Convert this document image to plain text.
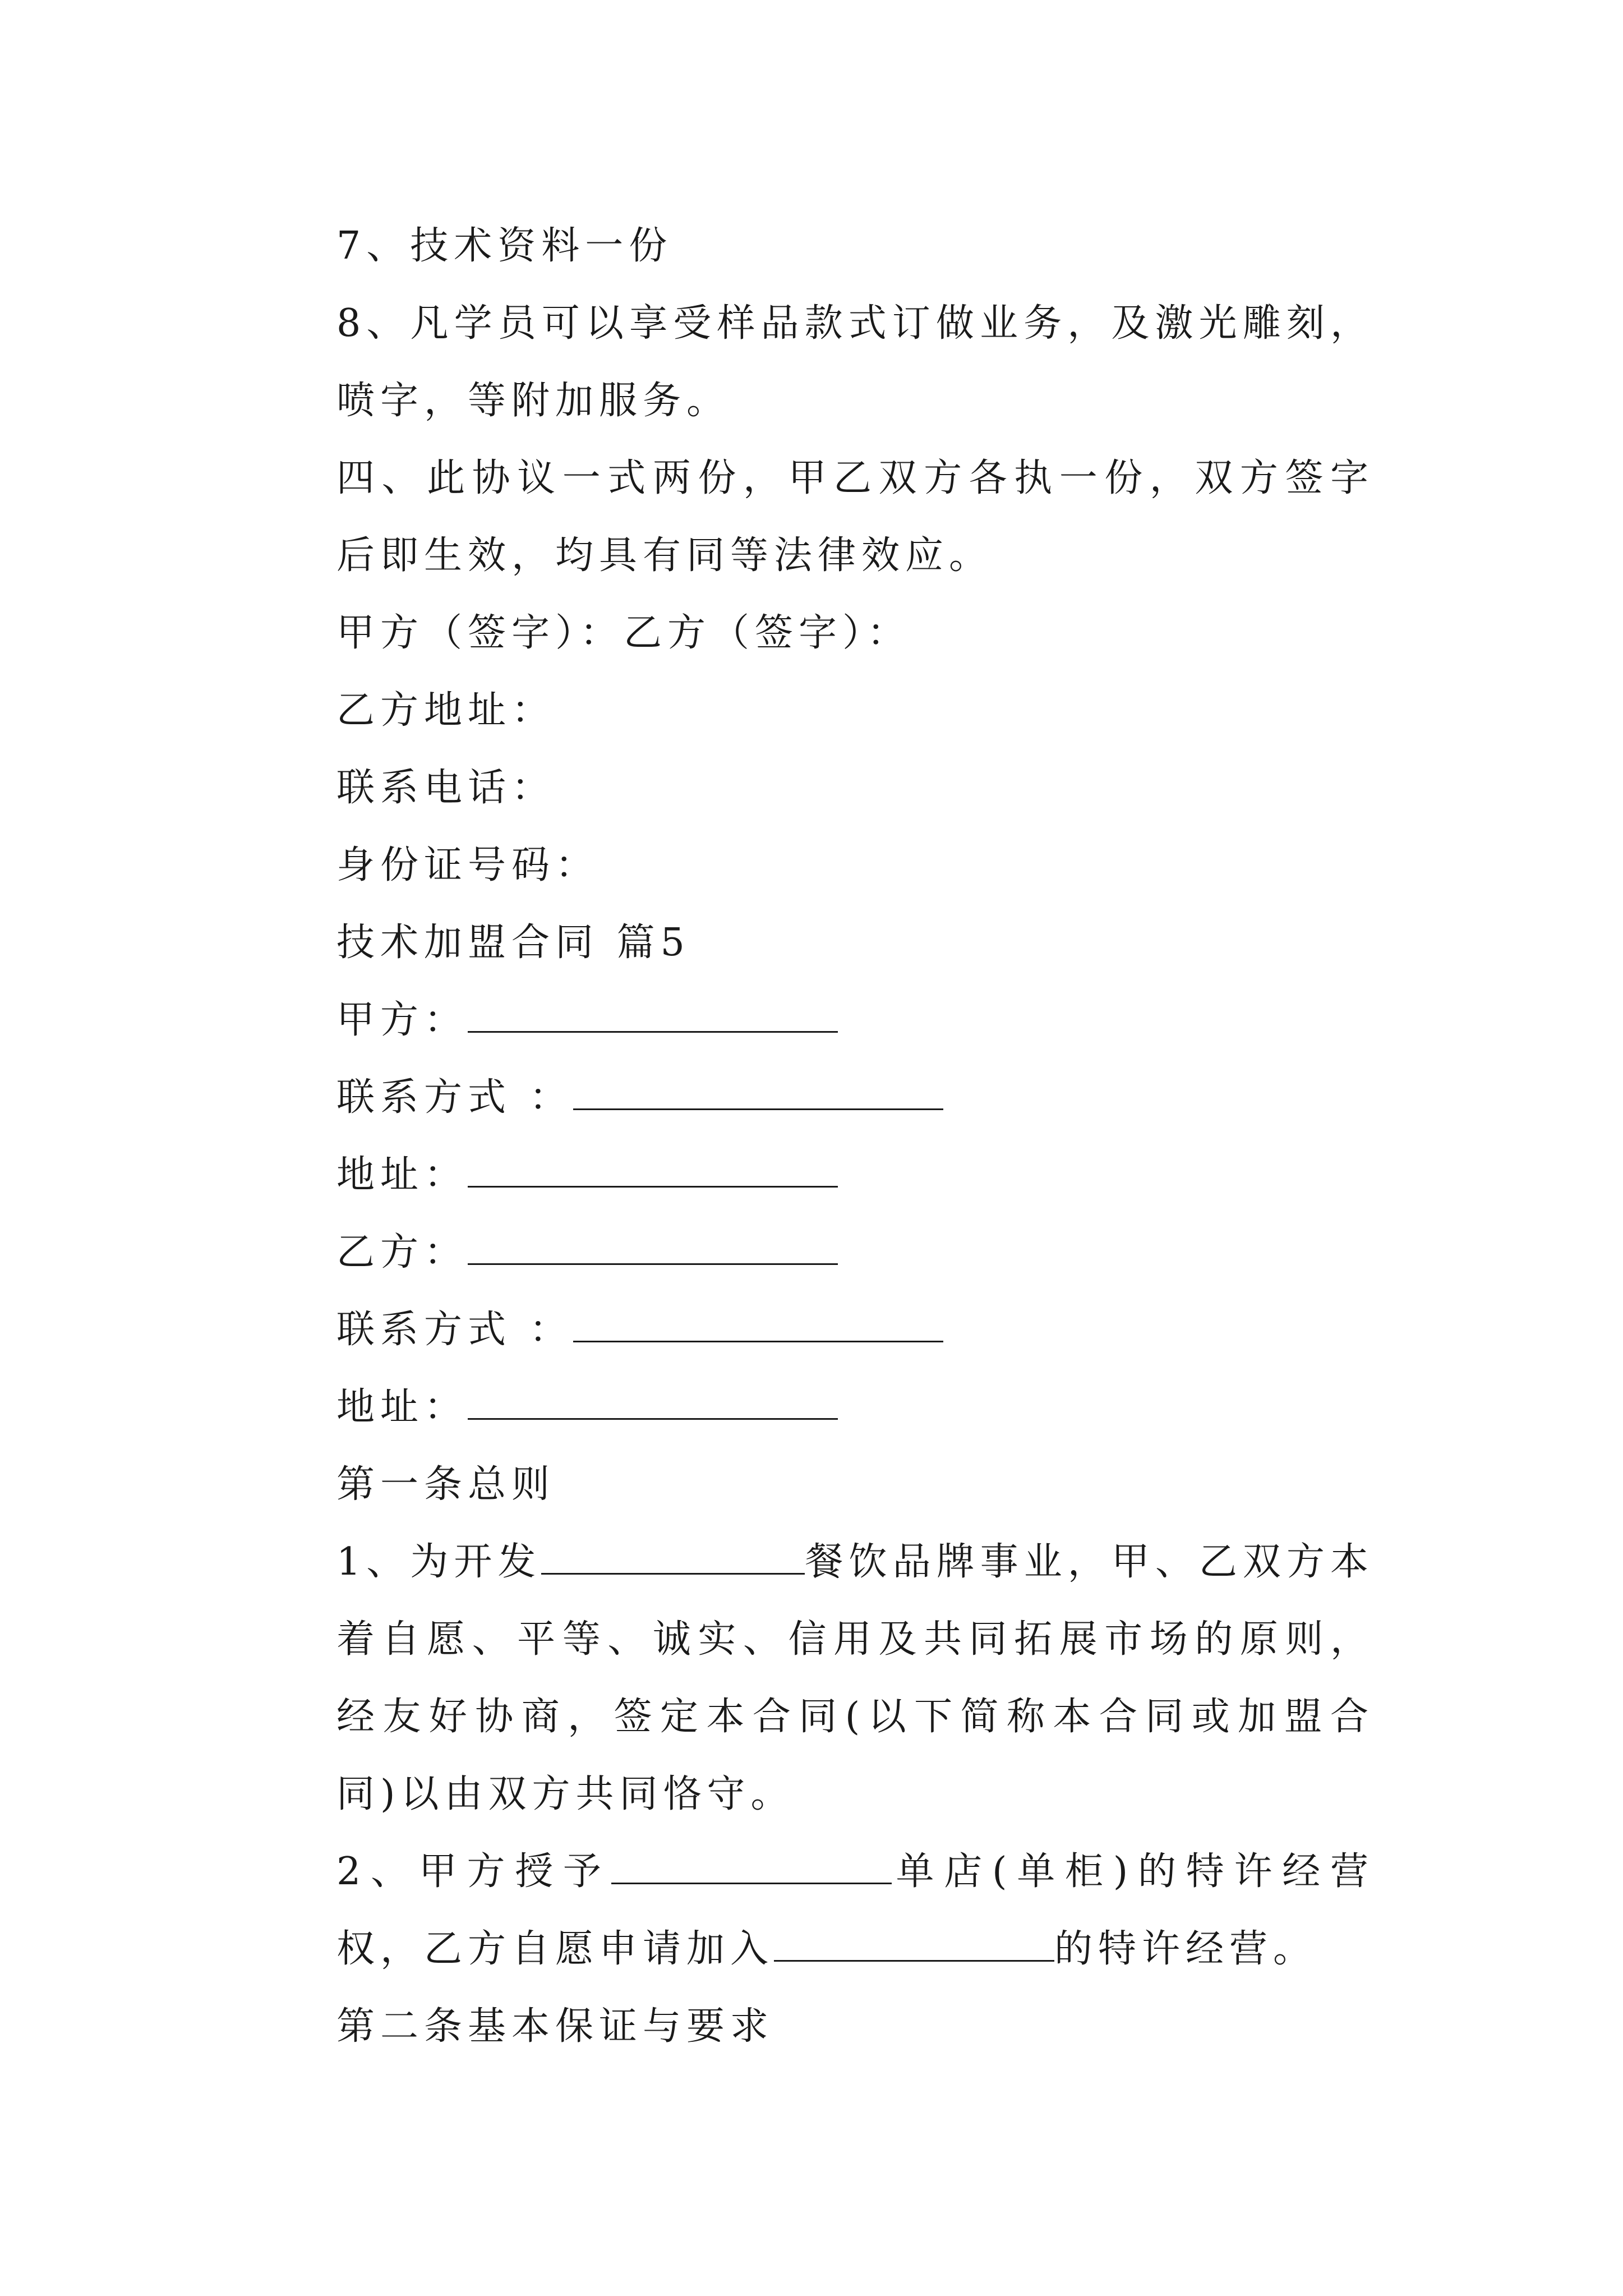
7、技术资料一份

8、凡学员可以享受样品款式订做业务，及激光雕刻，喷字，等附加服务。

四、此协议一式两份，甲乙双方各执一份，双方签字后即生效，均具有同等法律效应。

甲方（签字）：乙方（签字）：

乙方地址：

联系电话：

身份证号码：

技术加盟合同 篇5

甲方：

联系方式 ：

地址：

乙方：

联系方式 ：

地址：

第一条总则

1、为开发	餐饮品牌事业，甲、乙双方本着自愿、平等、诚实、信用及共同拓展市场的原则，经友好协商，签定本合同(以下简称本合同或加盟合同)以由双方共同恪守。

2、甲方授予	单店(单柜)的特许经营权，乙方自愿申请加入	的特许经营。

第二条基本保证与要求
